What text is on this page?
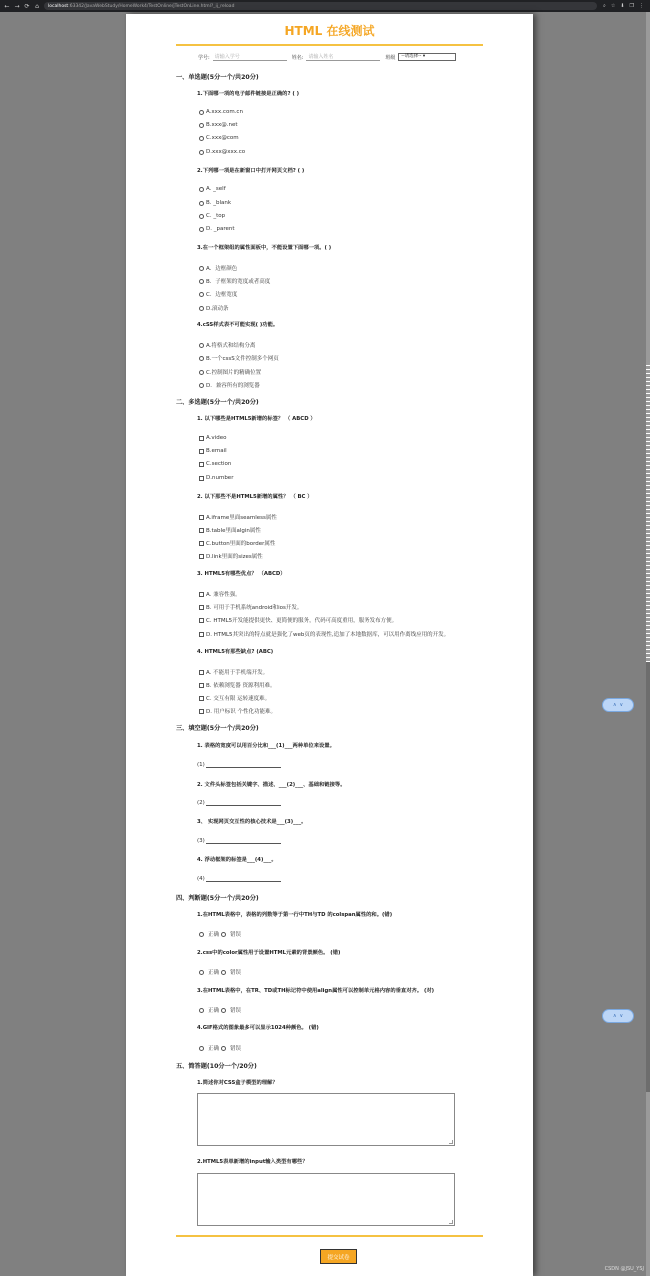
← → ⟳ ⌂ localhost :63342/JavaWebStudy/HomeWork4/TestOnline/jTestOnLine.html?_ij_reload	⌕ ☆ ⬇ ❐ ⋮
HTML 在线测试
学号:	请输入学号	姓名:	请输入姓名	班级	--请选择-- ▾
一、单选题(5分一个/共20分)
1.下面哪一项的电子邮件链接是正确的? ( )
A.xxx.com.cn
B.xxx@.net
C.xxx@com
D.xxx@xxx.co
2.下列哪一项是在新窗口中打开网页文档? ( )
A. _self
B. _blank
C. _top
D. _parent
3.在一个框架组的属性面板中，不能设置下面哪一项。( )
A．边框颜色
B．子框架的宽度或者高度
C．边框宽度
D.滚动条
4.cSS样式表不可能实现( )功能。
A.将格式和结构分离
B.一个cssS文件控制多个网页
C.控制图片的精确位置
D．兼容所有的浏览器
二、多选题(5分一个/共20分)
1. 以下哪些是HTML5新增的标签？ （ ABCD ）
A.video
B.email
C.section
D.number
2. 以下那些不是HTML5新增的属性？ （ BC ）
A.iframe里面seamless属性
B.table里面algin属性
C.button里面的border属性
D.link里面的sizes属性
3. HTML5有哪些优点？ （ABCD）
A. 兼容性强。
B. 可用于手机系统android和ios开发。
C. HTML5开发能提供更快、更简便的服务，代码可高度重用，服务发布方便。
D. HTML5其突出的特点就是强化了web页的表现性,追加了本地数据库，可以用作离线应用的开发。
4. HTML5有那些缺点? (ABC)
A. 不能用于手机端开发。
B. 依赖浏览器 资源利用难。
C. 交互有限 运转速度难。
D. 用户标识 个性化功能难。
三、填空题(5分一个/共20分)
1. 表格的宽度可以用百分比和___(1)___两种单位来设置。
(1)
2. 文件头标签包括关键字、描述、___(2)___、基础和链接等。
(2)
3、 实现网页交互性的核心技术是___(3)___。
(3)
4. 浮动框架的标签是___(4)___。
(4)
四、判断题(5分一个/共20分)
1.在HTML表格中，表格的列数等于第一行中TH与TD 的colspan属性的和。(错)
正确 错误
2.css中的color属性用于设置HTML元素的背景颜色。 (错)
正确 错误
3.在HTML表格中，在TR、TD或TH标记符中使用align属性可以控制单元格内容的垂直对齐。 (对)
正确 错误
4.GIF格式的图象最多可以显示1024种颜色。 (错)
正确 错误
五、简答题(10分一个/20分)
1.简述你对CSS盒子模型的理解？
2.HTML5表单新增的input输入类型有哪些？
提交试卷
∧ ∨
∧ ∨
CSDN @JSU_YSJ
